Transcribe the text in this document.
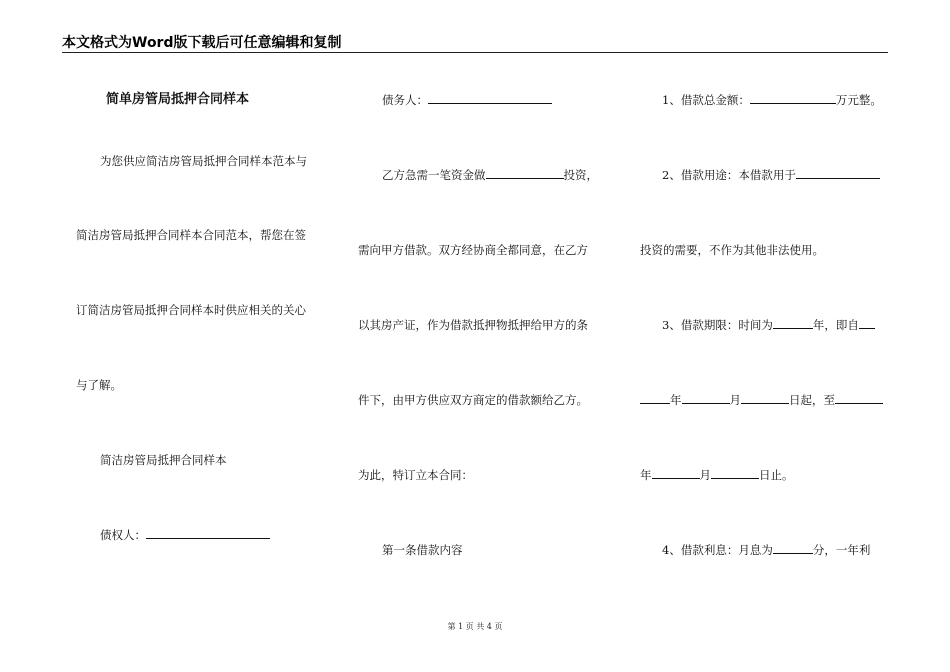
本文格式为Word版下载后可任意编辑和复制
简单房管局抵押合同样本
为您供应简洁房管局抵押合同样本范本与
简洁房管局抵押合同样本合同范本，帮您在签
订简洁房管局抵押合同样本时供应相关的关心
与了解。
简洁房管局抵押合同样本
债权人：
债务人：
乙方急需一笔资金做	投资，
需向甲方借款。双方经协商全都同意，在乙方
以其房产证，作为借款抵押物抵押给甲方的条
件下，由甲方供应双方商定的借款额给乙方。
为此，特订立本合同：
第一条借款内容
1、借款总金额：	万元整。
2、借款用途：本借款用于
投资的需要，不作为其他非法使用。
3、借款期限：时间为	年，即自
年	月	日起，至
年	月	日止。
4、借款利息：月息为	分，一年利
第 1 页 共 4 页
